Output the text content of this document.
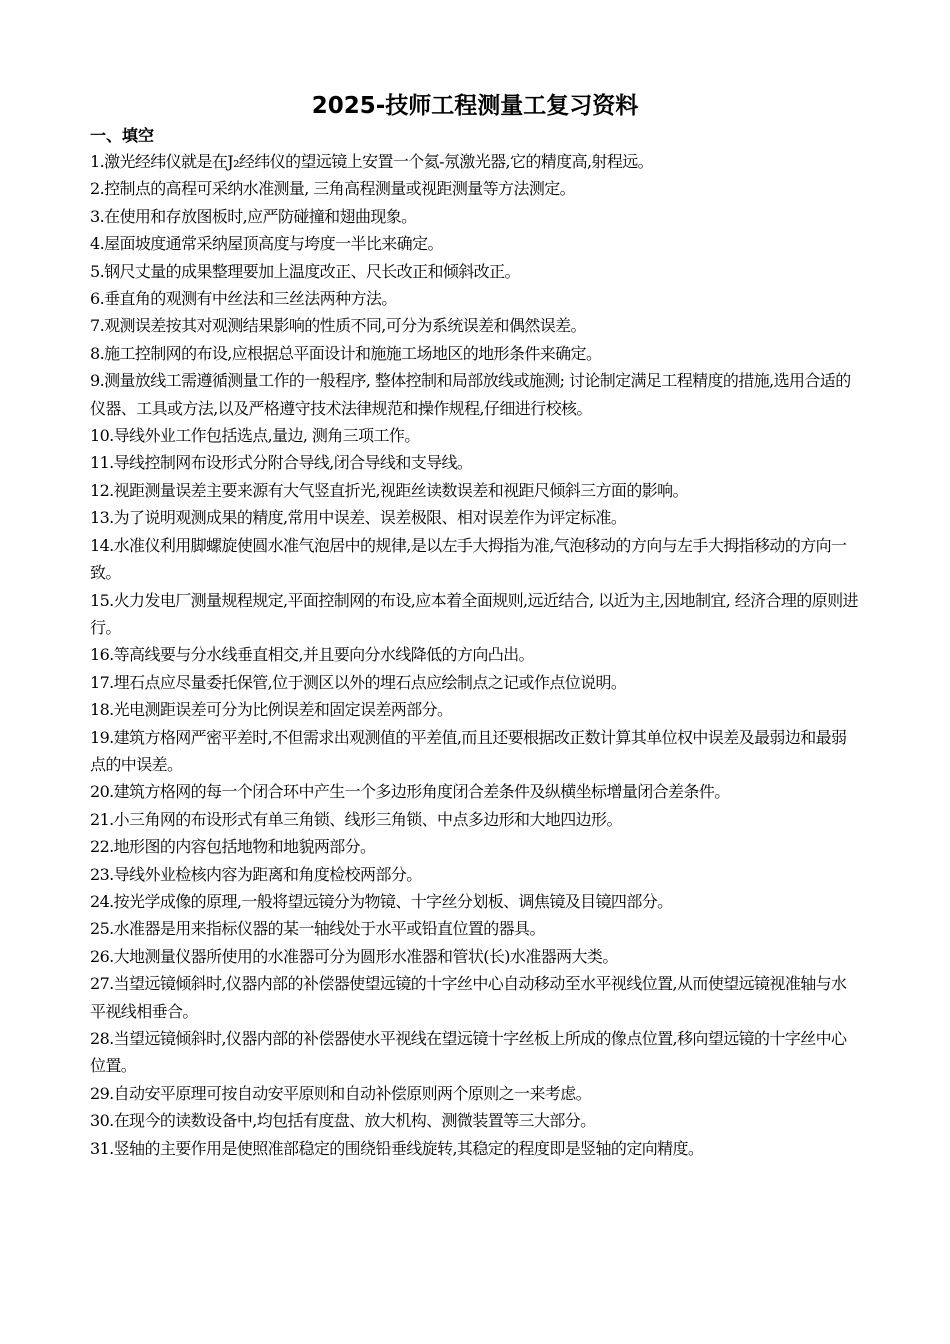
2025-技师工程测量工复习资料
一、填空
1.激光经纬仪就是在J₂经纬仪的望远镜上安置一个氦-氖激光器,它的精度高,射程远。
2.控制点的高程可采纳水准测量, 三角高程测量或视距测量等方法测定。
3.在使用和存放图板时,应严防碰撞和翅曲现象。
4.屋面坡度通常采纳屋顶高度与垮度一半比来确定。
5.钢尺丈量的成果整理要加上温度改正、尺长改正和倾斜改正。
6.垂直角的观测有中丝法和三丝法两种方法。
7.观测误差按其对观测结果影响的性质不同,可分为系统误差和偶然误差。
8.施工控制网的布设,应根据总平面设计和施施工场地区的地形条件来确定。
9.测量放线工需遵循测量工作的一般程序, 整体控制和局部放线或施测; 讨论制定满足工程精度的措施,选用合适的仪器、工具或方法,以及严格遵守技术法律规范和操作规程,仔细进行校核。
10.导线外业工作包括选点,量边, 测角三项工作。
11.导线控制网布设形式分附合导线,闭合导线和支导线。
12.视距测量误差主要来源有大气竖直折光,视距丝读数误差和视距尺倾斜三方面的影响。
13.为了说明观测成果的精度,常用中误差、误差极限、相对误差作为评定标准。
14.水准仪利用脚螺旋使圆水准气泡居中的规律,是以左手大拇指为准,气泡移动的方向与左手大拇指移动的方向一致。
15.火力发电厂测量规程规定,平面控制网的布设,应本着全面规则,远近结合, 以近为主,因地制宜, 经济合理的原则进行。
16.等高线要与分水线垂直相交,并且要向分水线降低的方向凸出。
17.埋石点应尽量委托保管,位于测区以外的埋石点应绘制点之记或作点位说明。
18.光电测距误差可分为比例误差和固定误差两部分。
19.建筑方格网严密平差时,不但需求出观测值的平差值,而且还要根据改正数计算其单位权中误差及最弱边和最弱点的中误差。
20.建筑方格网的每一个闭合环中产生一个多边形角度闭合差条件及纵横坐标增量闭合差条件。
21.小三角网的布设形式有单三角锁、线形三角锁、中点多边形和大地四边形。
22.地形图的内容包括地物和地貌两部分。
23.导线外业检核内容为距离和角度检校两部分。
24.按光学成像的原理,一般将望远镜分为物镜、十字丝分划板、调焦镜及目镜四部分。
25.水准器是用来指标仪器的某一轴线处于水平或铅直位置的器具。
26.大地测量仪器所使用的水准器可分为圆形水准器和管状(长)水准器两大类。
27.当望远镜倾斜时,仪器内部的补偿器使望远镜的十字丝中心自动移动至水平视线位置,从而使望远镜视准轴与水平视线相垂合。
28.当望远镜倾斜时,仪器内部的补偿器使水平视线在望远镜十字丝板上所成的像点位置,移向望远镜的十字丝中心位置。
29.自动安平原理可按自动安平原则和自动补偿原则两个原则之一来考虑。
30.在现今的读数设备中,均包括有度盘、放大机构、测微装置等三大部分。
31.竖轴的主要作用是使照准部稳定的围绕铅垂线旋转,其稳定的程度即是竖轴的定向精度。
